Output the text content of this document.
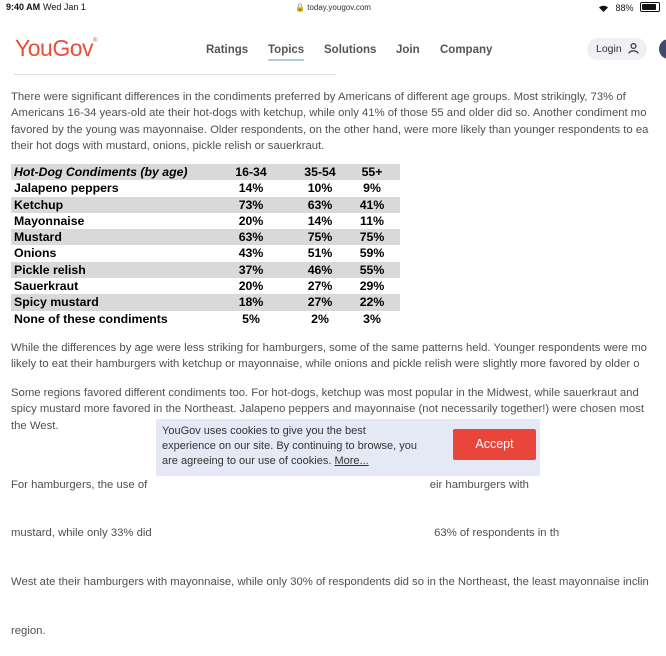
9:40 AM Wed Jan 1	🔒 today.yougov.com	88%
YouGov®
Ratings Topics Solutions Join Company	Login
There were significant differences in the condiments preferred by Americans of different age groups. Most strikingly, 73% of
Americans 16-34 years-old ate their hot-dogs with ketchup, while only 41% of those 55 and older did so. Another condiment mo
favored by the young was mayonnaise. Older respondents, on the other hand, were more likely than younger respondents to ea
their hot dogs with mustard, onions, pickle relish or sauerkraut.
Hot-Dog Condiments (by age)	16-34	35-54	55+
Jalapeno peppers	14%	10%	9%
Ketchup	73%	63%	41%
Mayonnaise	20%	14%	11%
Mustard	63%	75%	75%
Onions	43%	51%	59%
Pickle relish	37%	46%	55%
Sauerkraut	20%	27%	29%
Spicy mustard	18%	27%	22%
None of these condiments	5%	2%	3%
While the differences by age were less striking for hamburgers, some of the same patterns held. Younger respondents were mo
likely to eat their hamburgers with ketchup or mayonnaise, while onions and pickle relish were slightly more favored by older o
Some regions favored different condiments too. For hot-dogs, ketchup was most popular in the Midwest, while sauerkraut and
spicy mustard more favored in the Northeast. Jalapeno peppers and mayonnaise (not necessarily together!) were chosen most
the West.

For hamburgers, the use of                                                                                          eir hamburgers with

mustard, while only 33% did                                                                                          63% of respondents in th

West ate their hamburgers with mayonnaise, while only 30% of respondents did so in the Northeast, the least mayonnaise inclin

region.

YouGov uses cookies to give you the best
experience on our site. By continuing to browse, you
are agreeing to our use of cookies. More...
Accept
